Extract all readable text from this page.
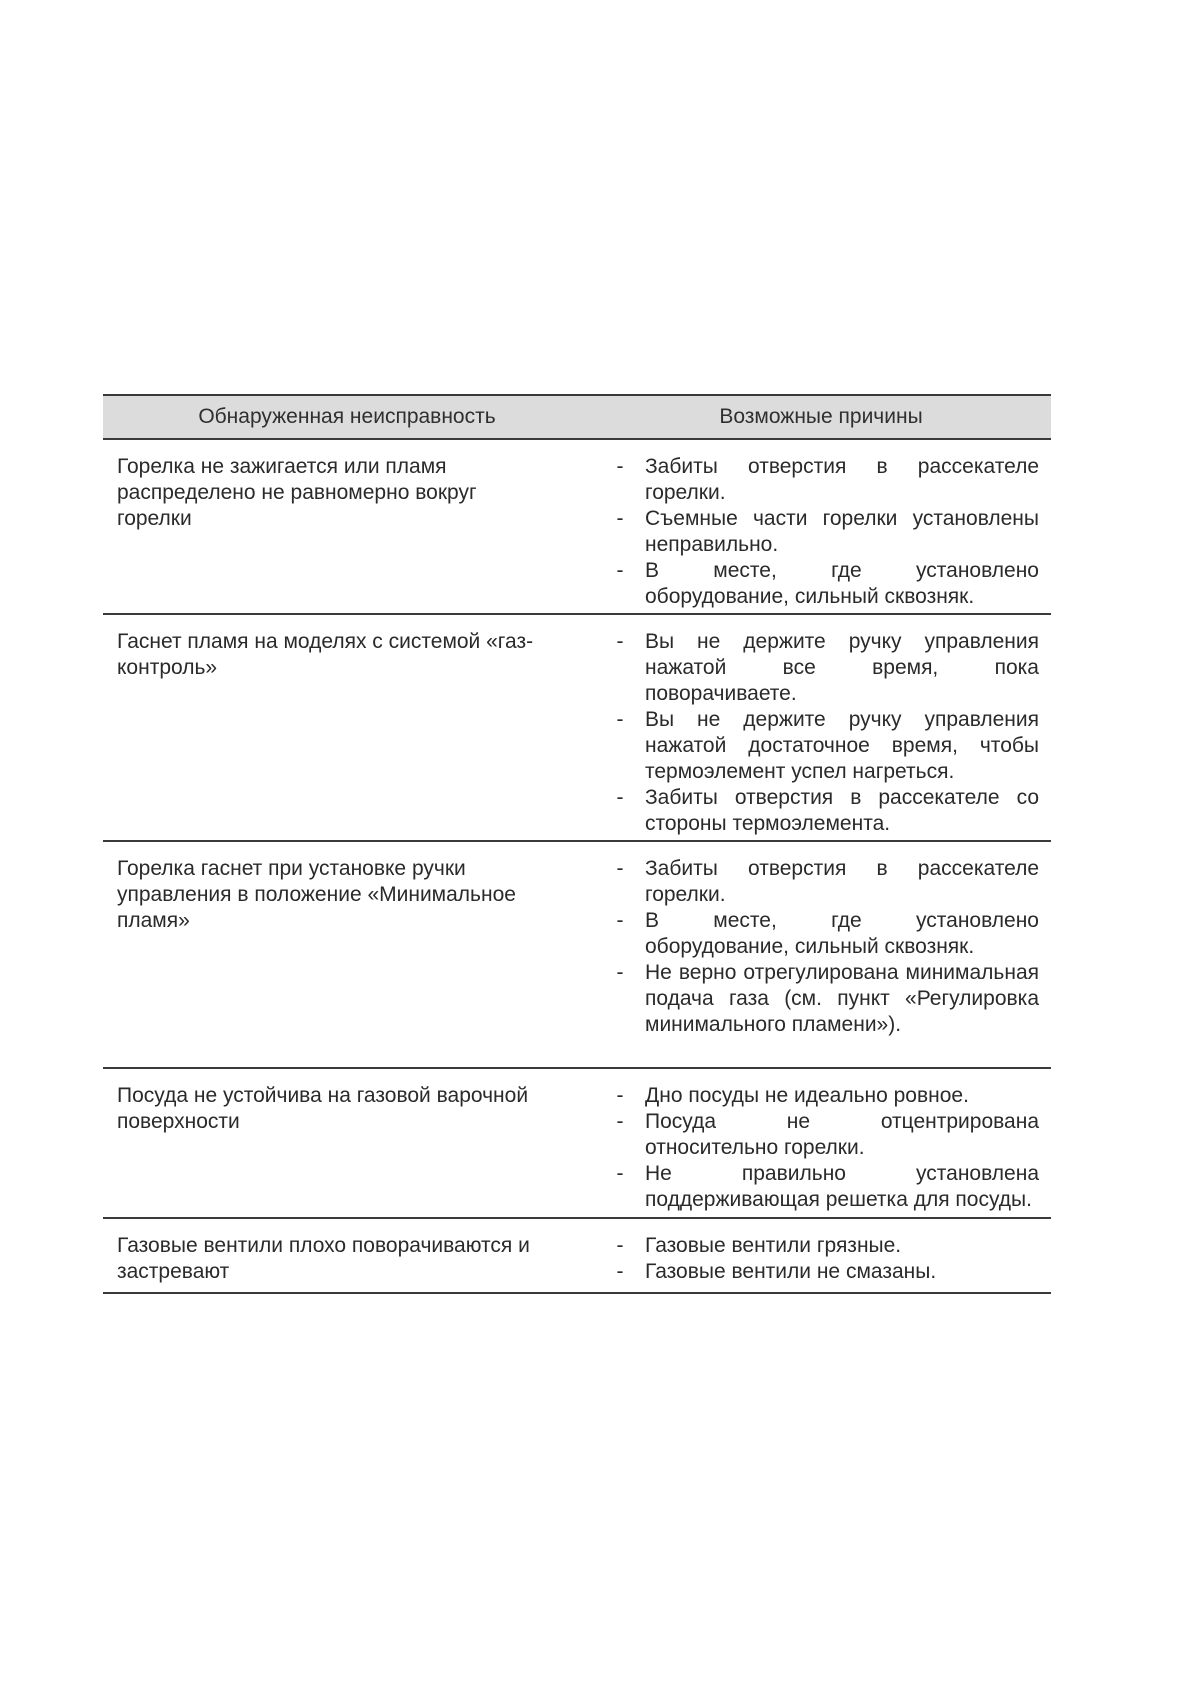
Обнаруженная неисправность	Возможные причины
Горелка не зажигается или пламя распределено не равномерно вокруг горелки
-	Забиты отверстия в рассекателе горелки.
-	Съемные части горелки установлены неправильно.
-	В месте, где установлено оборудование, сильный сквозняк.
Гаснет пламя на моделях с системой «газ-контроль»
-	Вы не держите ручку управления нажатой все время, пока поворачиваете.
-	Вы не держите ручку управления нажатой достаточное время, чтобы термоэлемент успел нагреться.
-	Забиты отверстия в рассекателе со стороны термоэлемента.
Горелка гаснет при установке ручки управления в положение «Минимальное пламя»
-	Забиты отверстия в рассекателе горелки.
-	В месте, где установлено оборудование, сильный сквозняк.
-	Не верно отрегулирована минимальная подача газа (см. пункт «Регулировка минимального пламени»).
Посуда не устойчива на газовой варочной поверхности
-	Дно посуды не идеально ровное.
-	Посуда не отцентрирована относительно горелки.
-	Не правильно установлена поддерживающая решетка для посуды.
Газовые вентили плохо поворачиваются и застревают
-	Газовые вентили грязные.
-	Газовые вентили не смазаны.
